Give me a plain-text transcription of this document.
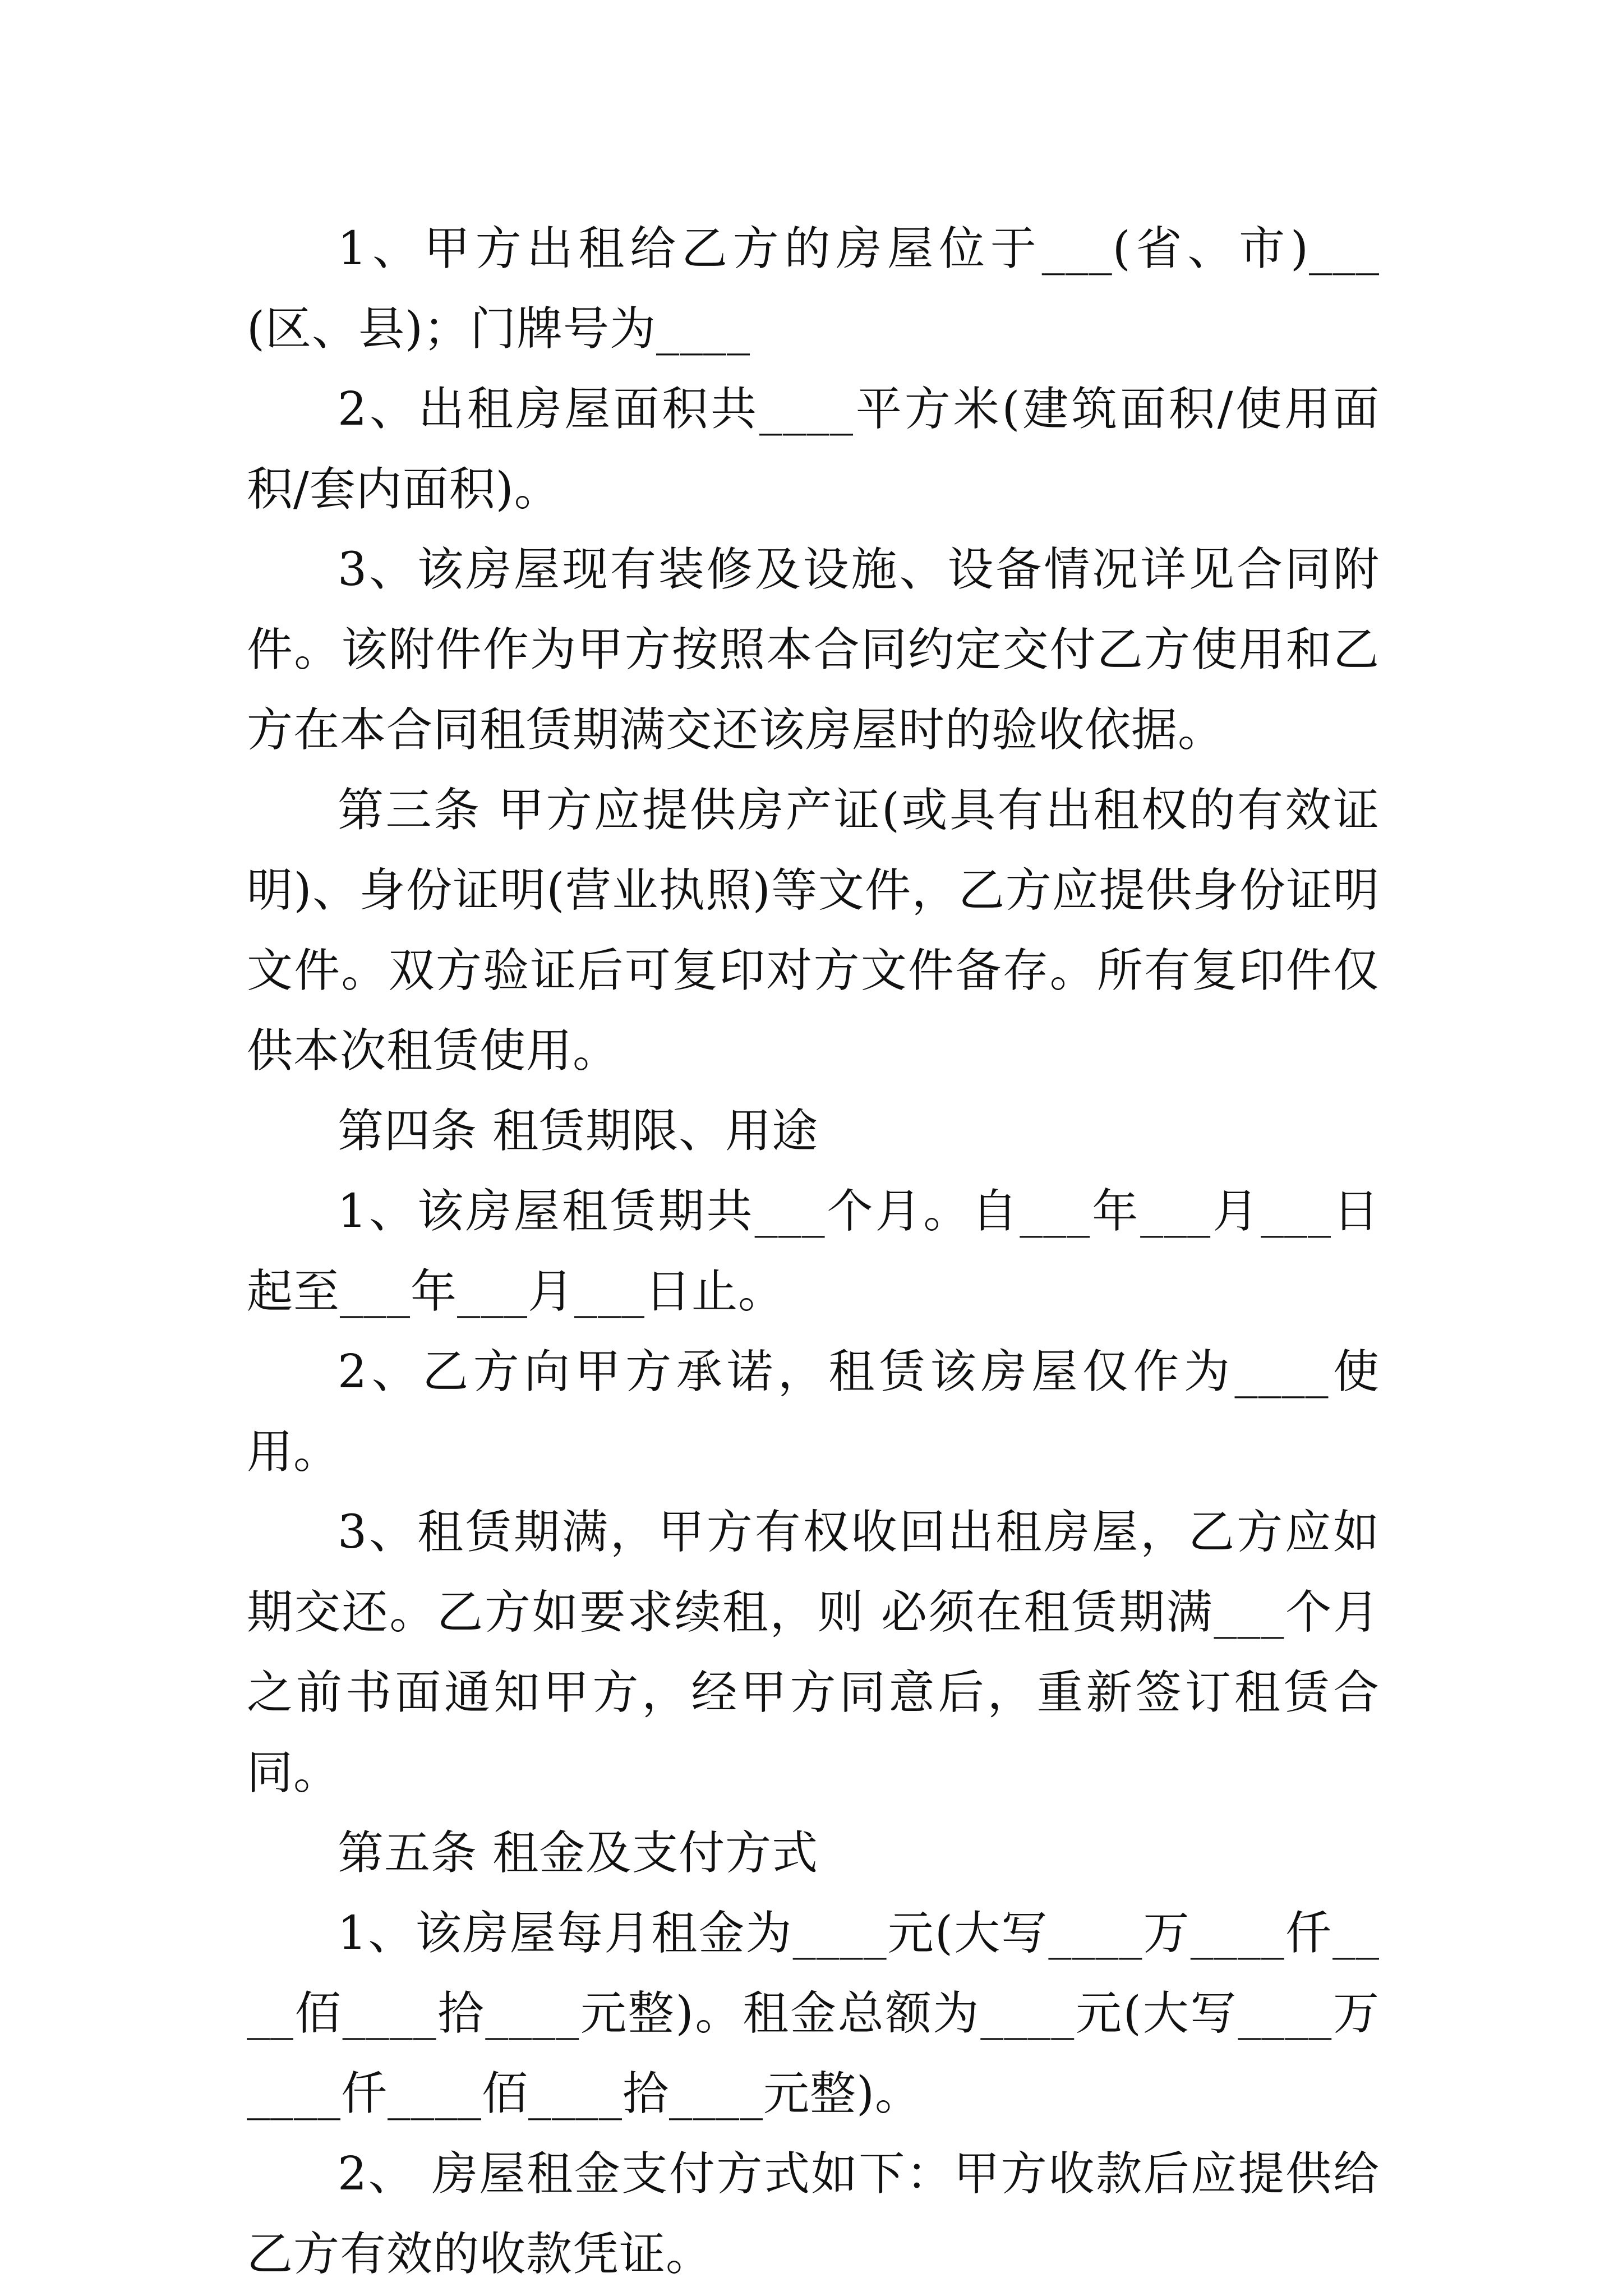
1、甲方出租给乙方的房屋位于___(省、市)___(区、县)；门牌号为____

2、出租房屋面积共____平方米(建筑面积/使用面积/套内面积)。

3、该房屋现有装修及设施、设备情况详见合同附件。该附件作为甲方按照本合同约定交付乙方使用和乙方在本合同租赁期满交还该房屋时的验收依据。

第三条 甲方应提供房产证(或具有出租权的有效证明)、身份证明(营业执照)等文件，乙方应提供身份证明文件。双方验证后可复印对方文件备存。所有复印件仅供本次租赁使用。

第四条 租赁期限、用途

1、该房屋租赁期共___个月。自___年___月___日起至___年___月___日止。

2、乙方向甲方承诺，租赁该房屋仅作为____使用。

3、租赁期满，甲方有权收回出租房屋，乙方应如期交还。乙方如要求续租，则 必须在租赁期满___个月之前书面通知甲方，经甲方同意后，重新签订租赁合同。

第五条 租金及支付方式

1、该房屋每月租金为____元(大写____万____仟____佰____拾____元整)。租金总额为____元(大写____万____仟____佰____拾____元整)。

2、 房屋租金支付方式如下：甲方收款后应提供给乙方有效的收款凭证。
